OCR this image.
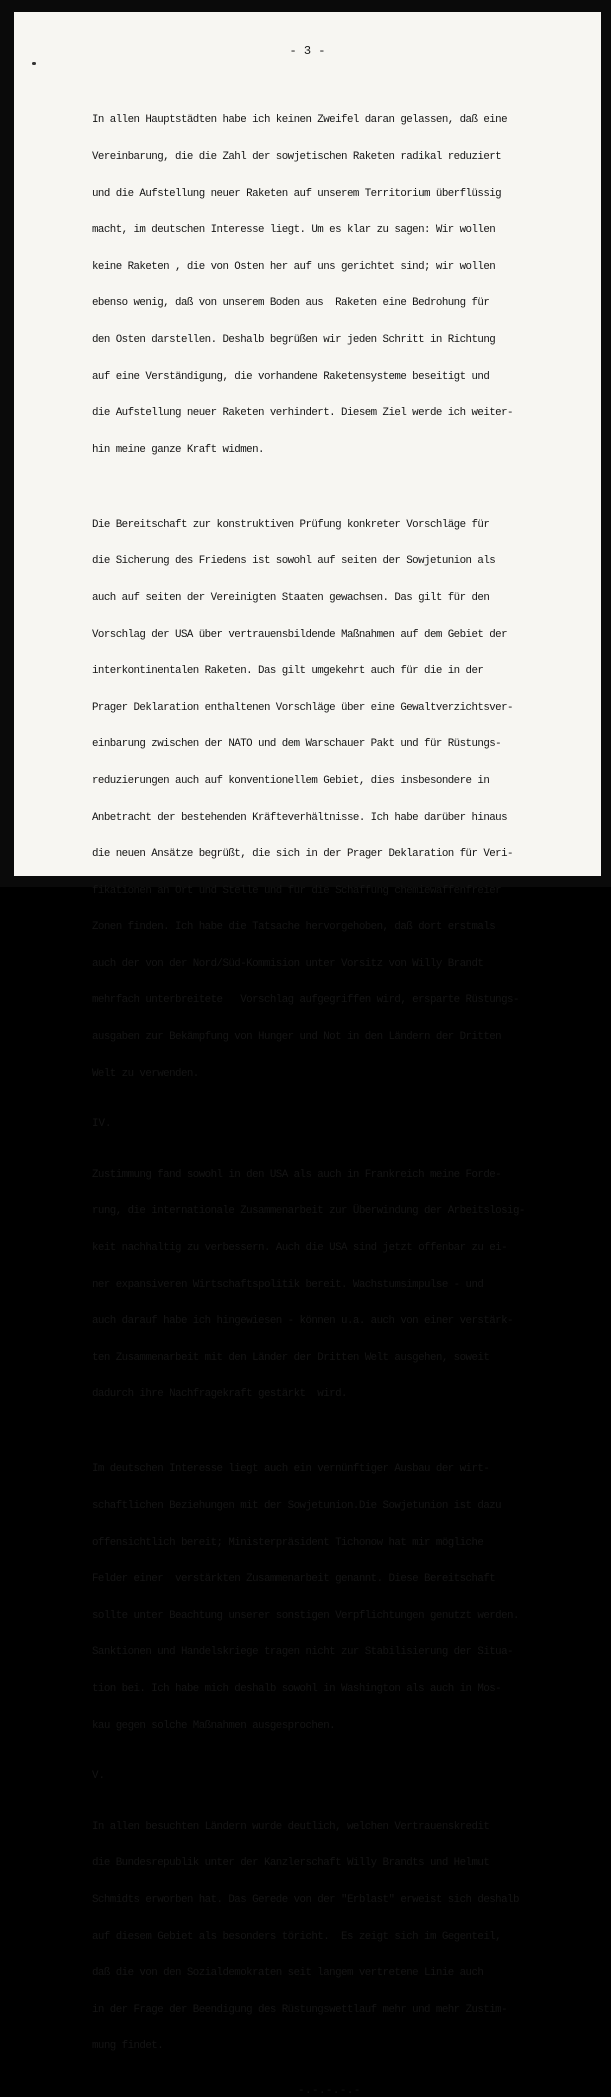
- 3 -

In allen Hauptstädten habe ich keinen Zweifel daran gelassen, daß eine

Vereinbarung, die die Zahl der sowjetischen Raketen radikal reduziert

und die Aufstellung neuer Raketen auf unserem Territorium überflüssig

macht, im deutschen Interesse liegt. Um es klar zu sagen: Wir wollen

keine Raketen , die von Osten her auf uns gerichtet sind; wir wollen

ebenso wenig, daß von unserem Boden aus  Raketen eine Bedrohung für

den Osten darstellen. Deshalb begrüßen wir jeden Schritt in Richtung

auf eine Verständigung, die vorhandene Raketensysteme beseitigt und

die Aufstellung neuer Raketen verhindert. Diesem Ziel werde ich weiter-

hin meine ganze Kraft widmen.

Die Bereitschaft zur konstruktiven Prüfung konkreter Vorschläge für

die Sicherung des Friedens ist sowohl auf seiten der Sowjetunion als

auch auf seiten der Vereinigten Staaten gewachsen. Das gilt für den

Vorschlag der USA über vertrauensbildende Maßnahmen auf dem Gebiet der

interkontinentalen Raketen. Das gilt umgekehrt auch für die in der

Prager Deklaration enthaltenen Vorschläge über eine Gewaltverzichtsver-

einbarung zwischen der NATO und dem Warschauer Pakt und für Rüstungs-

reduzierungen auch auf konventionellem Gebiet, dies insbesondere in

Anbetracht der bestehenden Kräfteverhältnisse. Ich habe darüber hinaus

die neuen Ansätze begrüßt, die sich in der Prager Deklaration für Veri-

fikationen an Ort und Stelle und für die Schaffung chemiewaffenfreier

Zonen finden. Ich habe die Tatsache hervorgehoben, daß dort erstmals

auch der von der Nord/Süd-Kommision unter Vorsitz von Willy Brandt

mehrfach unterbreitete   Vorschlag aufgegriffen wird, ersparte Rüstungs-

ausgaben zur Bekämpfung von Hunger und Not in den Ländern der Dritten

Welt zu verwenden.

IV.

Zustimmung fand sowohl in den USA als auch in Frankreich meine Forde-

rung, die internationale Zusammenarbeit zur Überwindung der Arbeitslosig-

keit nachhaltig zu verbessern. Auch die USA sind jetzt offenbar zu ei-

ner expansiveren Wirtschaftspolitik bereit. Wachstumsimpulse - und

auch darauf habe ich hingewiesen - können u.a. auch von einer verstärk-

ten Zusammenarbeit mit den Länder der Dritten Welt ausgehen, soweit

dadurch ihre Nachfragekraft gestärkt  wird.

Im deutschen Interesse liegt auch ein vernünftiger Ausbau der wirt-

schaftlichen Beziehungen mit der Sowjetunion.Die Sowjetunion ist dazu

offensichtlich bereit; Ministerpräsident Tichonow hat mir mögliche

Felder einer  verstärkten Zusammenarbeit genannt. Diese Bereitschaft

sollte unter Beachtung unserer sonstigen Verpflichtungen genutzt werden.

Sanktionen und Handelskriege tragen nicht zur Stabilisierung der Situa-

tion bei. Ich habe mich deshalb sowohl in Washington als auch in Mos-

kau gegen solche Maßnahmen ausgesprochen.

V.

In allen besuchten Ländern wurde deutlich, welchen Vertrauenskredit

die Bundesrepublik unter der Kanzlerschaft Willy Brandts und Helmut

Schmidts erworben hat. Das Gerede von der "Erblast" erweist sich deshalb

auf diesem Gebiet als besonders töricht.  Es zeigt sich im Gegenteil,

daß die von den Sozialdemokraten seit langem vertretene Linie auch

in der Frage der Beendigung des Rüstungswettlauf mehr und mehr Zustim-

mung findet.

-.-.-.-.-
